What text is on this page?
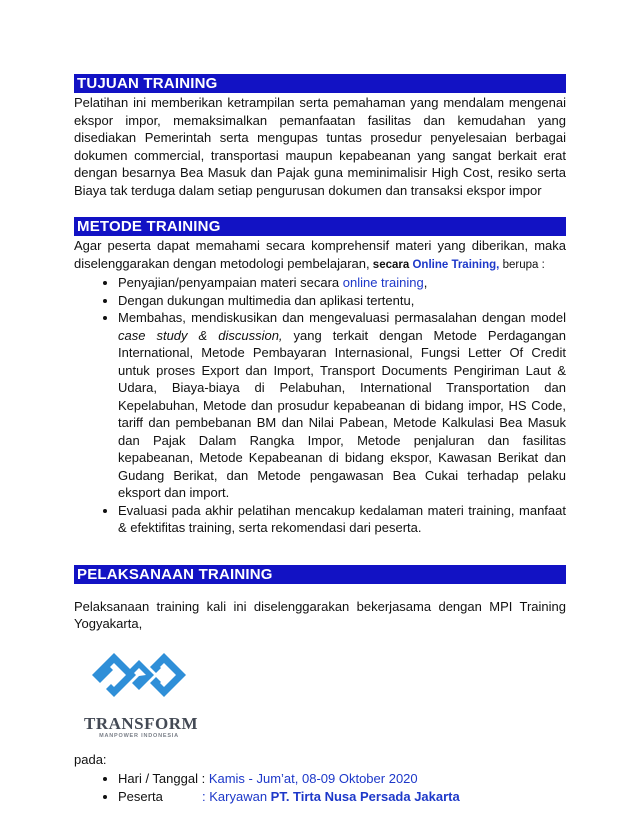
TUJUAN TRAINING

Pelatihan ini memberikan ketrampilan serta pemahaman yang mendalam mengenai ekspor impor, memaksimalkan pemanfaatan fasilitas dan kemudahan yang disediakan Pemerintah serta mengupas tuntas prosedur penyelesaian berbagai dokumen commercial, transportasi maupun kepabeanan yang sangat berkait erat dengan besarnya Bea Masuk dan Pajak guna meminimalisir High Cost, resiko serta Biaya tak terduga dalam setiap pengurusan dokumen dan transaksi ekspor impor

METODE TRAINING

Agar peserta dapat memahami secara komprehensif materi yang diberikan, maka diselenggarakan dengan metodologi pembelajaran, secara Online Training, berupa :

• Penyajian/penyampaian materi secara online training,
• Dengan dukungan multimedia dan aplikasi tertentu,
• Membahas, mendiskusikan dan mengevaluasi permasalahan dengan model case study & discussion, yang terkait dengan Metode Perdagangan International, Metode Pembayaran Internasional, Fungsi Letter Of Credit untuk proses Export dan Import, Transport Documents Pengiriman Laut & Udara, Biaya-biaya di Pelabuhan, International Transportation dan Kepelabuhan, Metode dan prosudur kepabeanan di bidang impor, HS Code, tariff dan pembebanan BM dan Nilai Pabean, Metode Kalkulasi Bea Masuk dan Pajak Dalam Rangka Impor, Metode penjaluran dan fasilitas kepabeanan, Metode Kepabeanan di bidang ekspor, Kawasan Berikat dan Gudang Berikat, dan Metode pengawasan Bea Cukai terhadap pelaku eksport dan import.
• Evaluasi pada akhir pelatihan mencakup kedalaman materi training, manfaat & efektifitas training, serta rekomendasi dari peserta.
PELAKSANAAN TRAINING

Pelaksanaan training kali ini diselenggarakan bekerjasama dengan MPI Training Yogyakarta,

TRANSFORM
MANPOWER INDONESIA

pada:

• Hari / Tanggal : Kamis - Jum’at, 08-09 Oktober 2020
• Peserta	: Karyawan PT. Tirta Nusa Persada Jakarta
